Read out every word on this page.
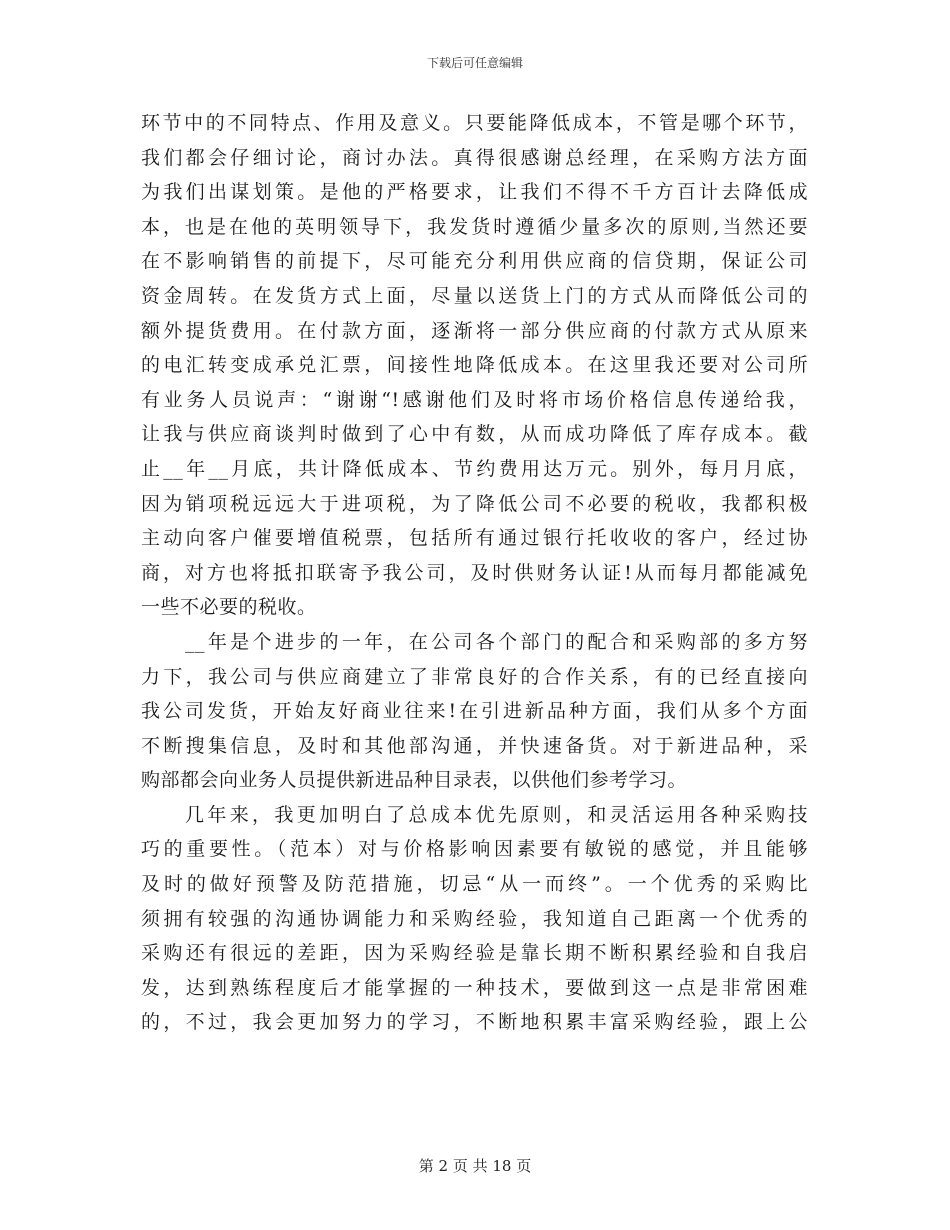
下载后可任意编辑
环节中的不同特点、作用及意义。只要能降低成本，不管是哪个环节，
我们都会仔细讨论，商讨办法。真得很感谢总经理，在采购方法方面
为我们出谋划策。是他的严格要求，让我们不得不千方百计去降低成
本，也是在他的英明领导下，我发货时遵循少量多次的原则,当然还要
在不影响销售的前提下，尽可能充分利用供应商的信贷期，保证公司
资金周转。在发货方式上面，尽量以送货上门的方式从而降低公司的
额外提货费用。在付款方面，逐渐将一部分供应商的付款方式从原来
的电汇转变成承兑汇票，间接性地降低成本。在这里我还要对公司所
有业务人员说声：“谢谢“!感谢他们及时将市场价格信息传递给我，
让我与供应商谈判时做到了心中有数，从而成功降低了库存成本。截
止__年__月底，共计降低成本、节约费用达万元。别外，每月月底，
因为销项税远远大于进项税，为了降低公司不必要的税收，我都积极
主动向客户催要增值税票，包括所有通过银行托收收的客户，经过协
商，对方也将抵扣联寄予我公司，及时供财务认证!从而每月都能减免
一些不必要的税收。
__年是个进步的一年，在公司各个部门的配合和采购部的多方努
力下，我公司与供应商建立了非常良好的合作关系，有的已经直接向
我公司发货，开始友好商业往来!在引进新品种方面，我们从多个方面
不断搜集信息，及时和其他部沟通，并快速备货。对于新进品种，采
购部都会向业务人员提供新进品种目录表，以供他们参考学习。
几年来，我更加明白了总成本优先原则，和灵活运用各种采购技
巧的重要性。（范本）对与价格影响因素要有敏锐的感觉，并且能够
及时的做好预警及防范措施，切忌“从一而终”。一个优秀的采购比
须拥有较强的沟通协调能力和采购经验，我知道自己距离一个优秀的
采购还有很远的差距，因为采购经验是靠长期不断积累经验和自我启
发，达到熟练程度后才能掌握的一种技术，要做到这一点是非常困难
的，不过，我会更加努力的学习，不断地积累丰富采购经验，跟上公
第 2 页 共 18 页
